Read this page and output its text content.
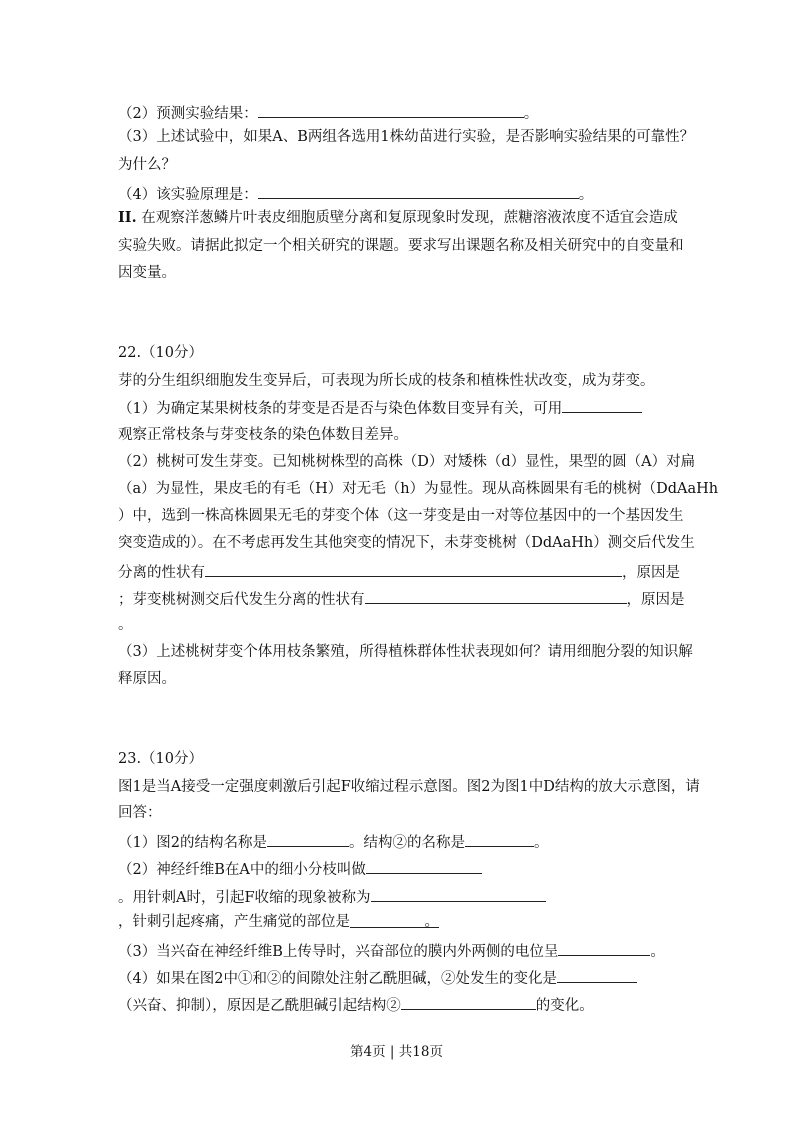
（2）预测实验结果：	。
（3）上述试验中，如果A、B两组各选用1株幼苗进行实验，是否影响实验结果的可靠性？
为什么？
（4）该实验原理是：	。
II. 在观察洋葱鳞片叶表皮细胞质壁分离和复原现象时发现，蔗糖溶液浓度不适宜会造成
实验失败。请据此拟定一个相关研究的课题。要求写出课题名称及相关研究中的自变量和
因变量。
22.（10分）
芽的分生组织细胞发生变异后，可表现为所长成的枝条和植株性状改变，成为芽变。
（1）为确定某果树枝条的芽变是否是否与染色体数目变异有关，可用
观察正常枝条与芽变枝条的染色体数目差异。
（2）桃树可发生芽变。已知桃树株型的高株（D）对矮株（d）显性，果型的圆（A）对扁
（a）为显性，果皮毛的有毛（H）对无毛（h）为显性。现从高株圆果有毛的桃树（DdAaHh
）中，选到一株高株圆果无毛的芽变个体（这一芽变是由一对等位基因中的一个基因发生
突变造成的）。在不考虑再发生其他突变的情况下，未芽变桃树（DdAaHh）测交后代发生
分离的性状有	，原因是
；芽变桃树测交后代发生分离的性状有	，原因是
。
（3）上述桃树芽变个体用枝条繁殖，所得植株群体性状表现如何？请用细胞分裂的知识解
释原因。
23.（10分）
图1是当A接受一定强度刺激后引起F收缩过程示意图。图2为图1中D结构的放大示意图，请
回答：
（1）图2的结构名称是	。结构②的名称是	。
（2）神经纤维B在A中的细小分枝叫做
。用针刺A时，引起F收缩的现象被称为
，针刺引起疼痛，产生痛觉的部位是	。
（3）当兴奋在神经纤维B上传导时，兴奋部位的膜内外两侧的电位呈	。
（4）如果在图2中①和②的间隙处注射乙酰胆碱，②处发生的变化是
（兴奋、抑制），原因是乙酰胆碱引起结构②	的变化。
第4页 | 共18页
